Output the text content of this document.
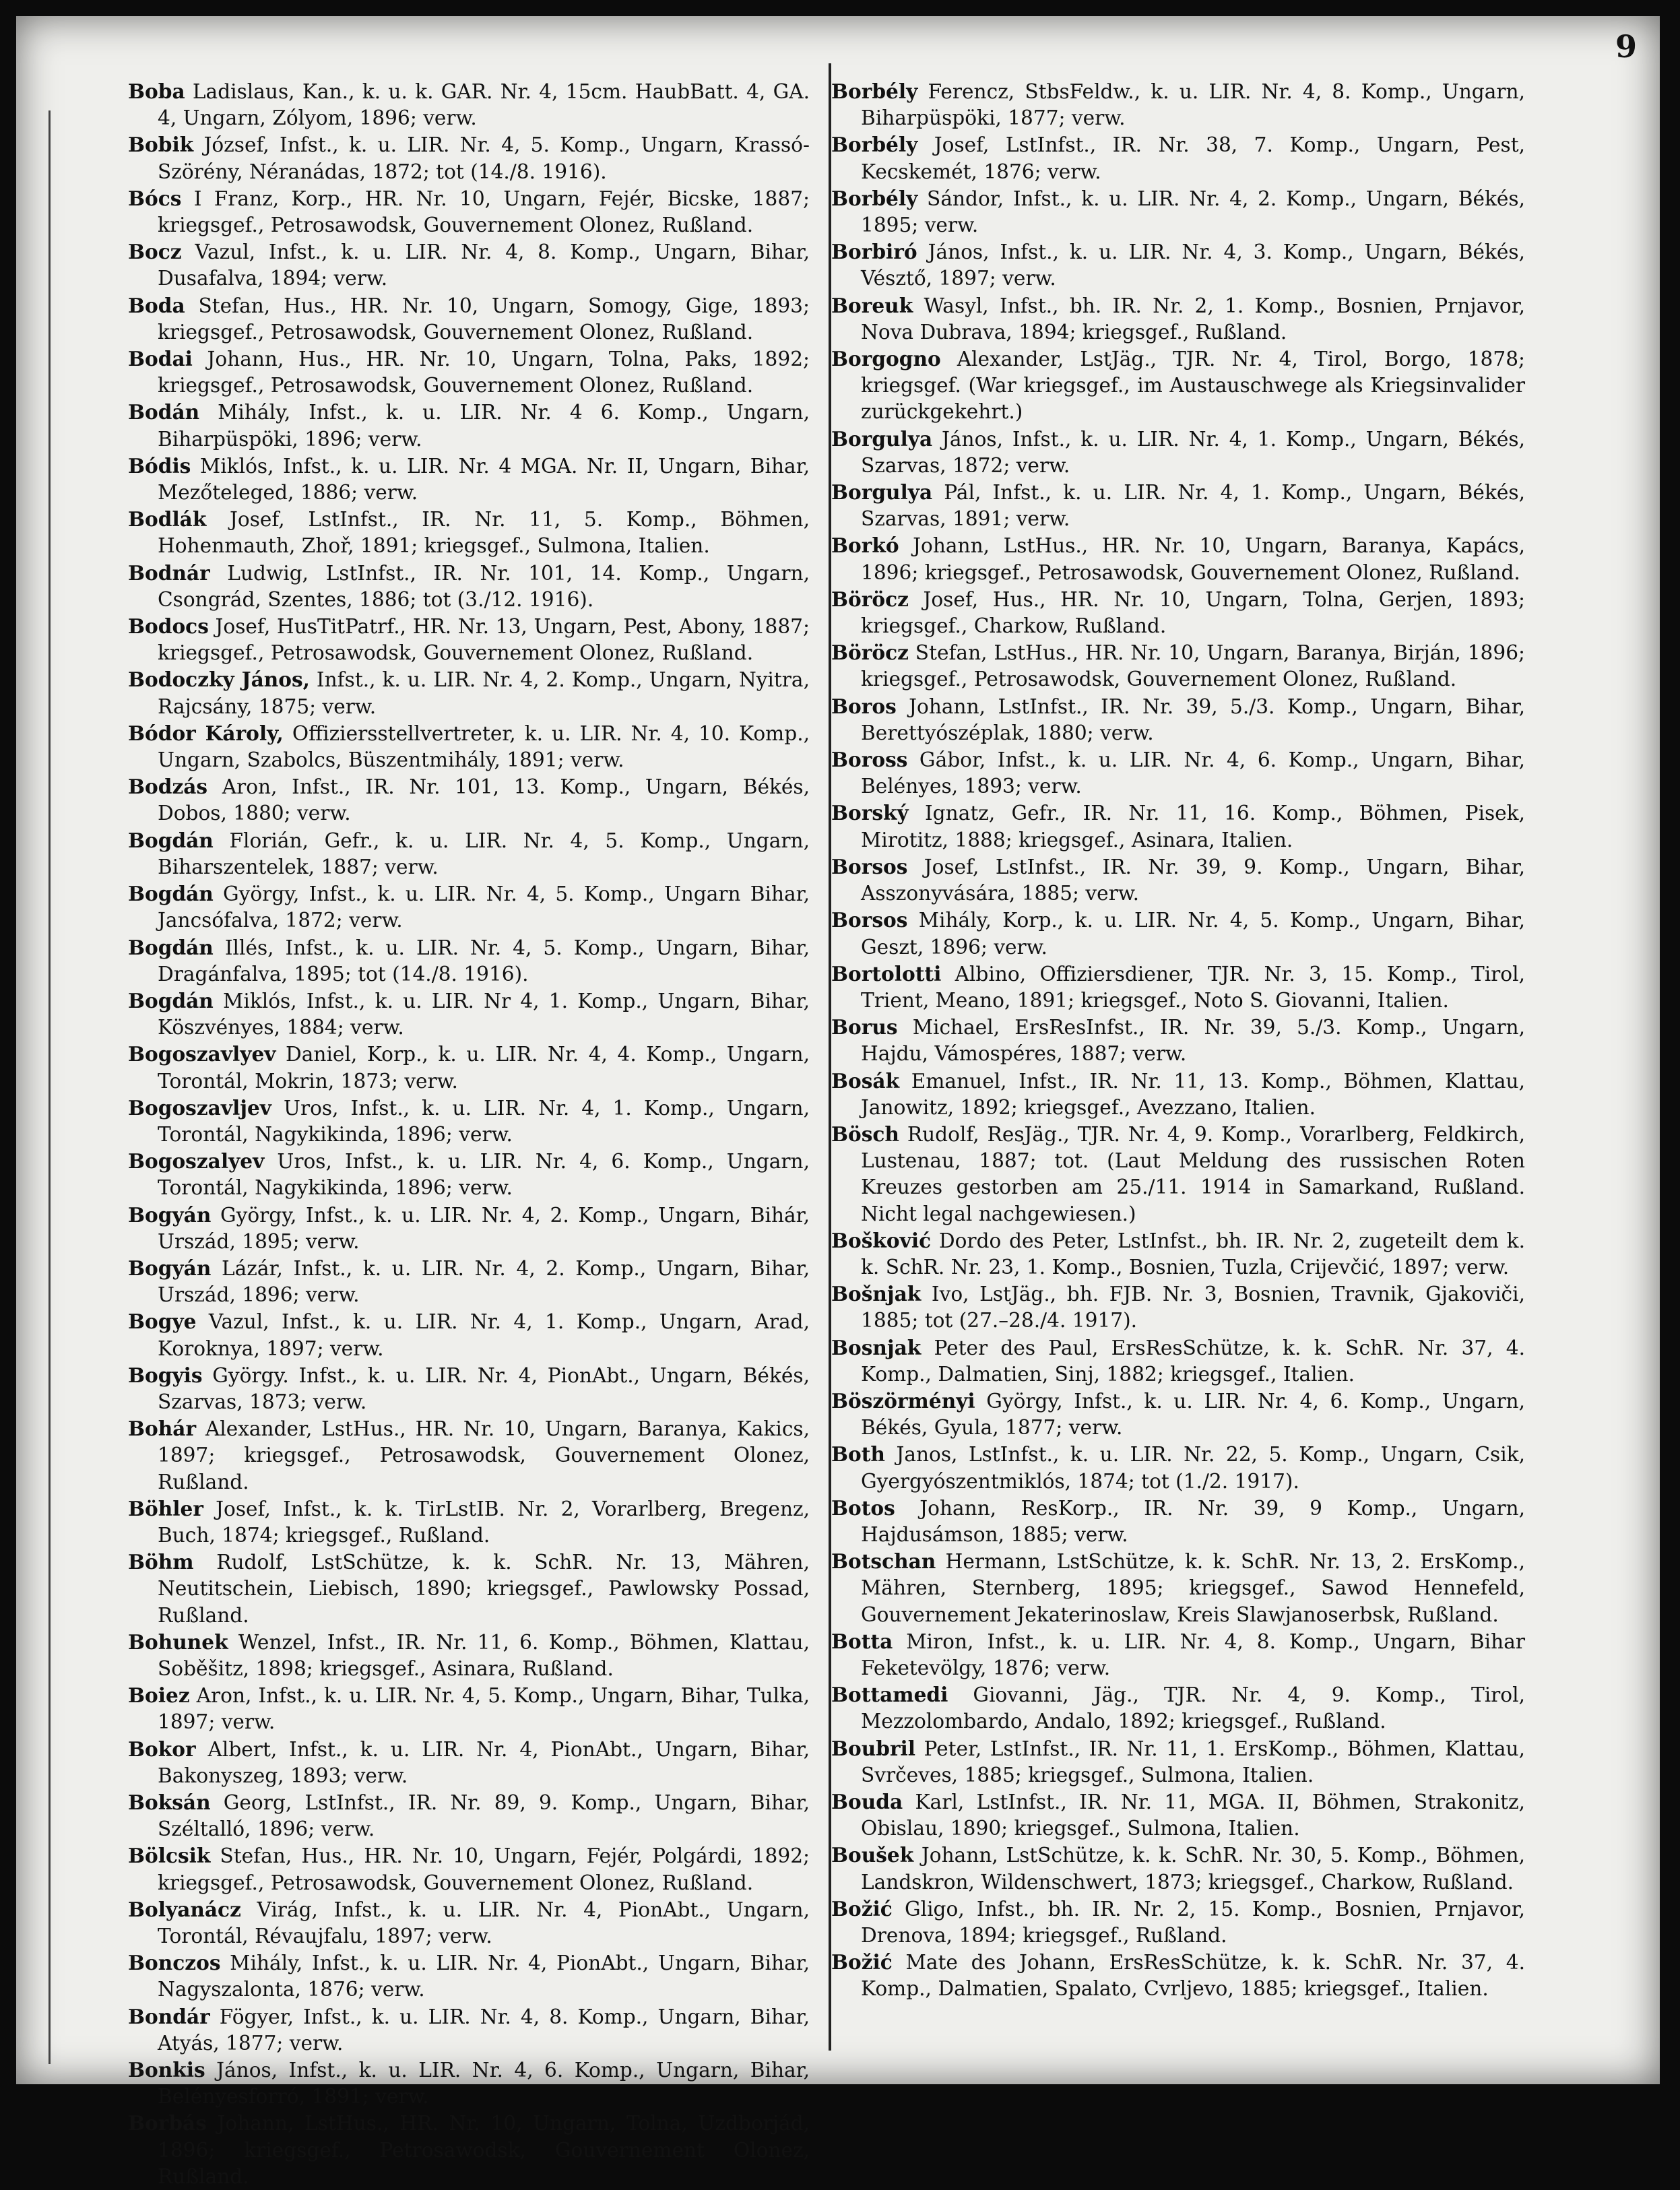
9
Boba Ladislaus, Kan., k. u. k. GAR. Nr. 4, 15cm. HaubBatt. 4, GA. 4, Ungarn, Zólyom, 1896; verw.
Bobik József, Infst., k. u. LIR. Nr. 4, 5. Komp., Ungarn, Krassó-Szörény, Néranádas, 1872; tot (14./8. 1916).
Bócs I Franz, Korp., HR. Nr. 10, Ungarn, Fejér, Bicske, 1887; kriegsgef., Petrosawodsk, Gouvernement Olonez, Rußland.
Bocz Vazul, Infst., k. u. LIR. Nr. 4, 8. Komp., Ungarn, Bihar, Dusafalva, 1894; verw.
Boda Stefan, Hus., HR. Nr. 10, Ungarn, Somogy, Gige, 1893; kriegsgef., Petrosawodsk, Gouvernement Olonez, Rußland.
Bodai Johann, Hus., HR. Nr. 10, Ungarn, Tolna, Paks, 1892; kriegsgef., Petrosawodsk, Gouvernement Olonez, Rußland.
Bodán Mihály, Infst., k. u. LIR. Nr. 4 6. Komp., Ungarn, Biharpüspöki, 1896; verw.
Bódis Miklós, Infst., k. u. LIR. Nr. 4 MGA. Nr. II, Ungarn, Bihar, Mezőteleged, 1886; verw.
Bodlák Josef, LstInfst., IR. Nr. 11, 5. Komp., Böhmen, Hohenmauth, Zhoř, 1891; kriegsgef., Sulmona, Italien.
Bodnár Ludwig, LstInfst., IR. Nr. 101, 14. Komp., Ungarn, Csongrád, Szentes, 1886; tot (3./12. 1916).
Bodocs Josef, HusTitPatrf., HR. Nr. 13, Ungarn, Pest, Abony, 1887; kriegsgef., Petrosawodsk, Gouvernement Olonez, Rußland.
Bodoczky János, Infst., k. u. LIR. Nr. 4, 2. Komp., Ungarn, Nyitra, Rajcsány, 1875; verw.
Bódor Károly, Offiziersstellvertreter, k. u. LIR. Nr. 4, 10. Komp., Ungarn, Szabolcs, Büszentmihály, 1891; verw.
Bodzás Aron, Infst., IR. Nr. 101, 13. Komp., Ungarn, Békés, Dobos, 1880; verw.
Bogdán Florián, Gefr., k. u. LIR. Nr. 4, 5. Komp., Ungarn, Biharszentelek, 1887; verw.
Bogdán György, Infst., k. u. LIR. Nr. 4, 5. Komp., Ungarn Bihar, Jancsófalva, 1872; verw.
Bogdán Illés, Infst., k. u. LIR. Nr. 4, 5. Komp., Ungarn, Bihar, Dragánfalva, 1895; tot (14./8. 1916).
Bogdán Miklós, Infst., k. u. LIR. Nr 4, 1. Komp., Ungarn, Bihar, Köszvényes, 1884; verw.
Bogoszavlyev Daniel, Korp., k. u. LIR. Nr. 4, 4. Komp., Ungarn, Torontál, Mokrin, 1873; verw.
Bogoszavljev Uros, Infst., k. u. LIR. Nr. 4, 1. Komp., Ungarn, Torontál, Nagykikinda, 1896; verw.
Bogoszalyev Uros, Infst., k. u. LIR. Nr. 4, 6. Komp., Ungarn, Torontál, Nagykikinda, 1896; verw.
Bogyán György, Infst., k. u. LIR. Nr. 4, 2. Komp., Ungarn, Bihár, Urszád, 1895; verw.
Bogyán Lázár, Infst., k. u. LIR. Nr. 4, 2. Komp., Ungarn, Bihar, Urszád, 1896; verw.
Bogye Vazul, Infst., k. u. LIR. Nr. 4, 1. Komp., Ungarn, Arad, Koroknya, 1897; verw.
Bogyis György. Infst., k. u. LIR. Nr. 4, PionAbt., Ungarn, Békés, Szarvas, 1873; verw.
Bohár Alexander, LstHus., HR. Nr. 10, Ungarn, Baranya, Kakics, 1897; kriegsgef., Petrosawodsk, Gouvernement Olonez, Rußland.
Böhler Josef, Infst., k. k. TirLstIB. Nr. 2, Vorarlberg, Bregenz, Buch, 1874; kriegsgef., Rußland.
Böhm Rudolf, LstSchütze, k. k. SchR. Nr. 13, Mähren, Neutitschein, Liebisch, 1890; kriegsgef., Pawlowsky Possad, Rußland.
Bohunek Wenzel, Infst., IR. Nr. 11, 6. Komp., Böhmen, Klattau, Soběšitz, 1898; kriegsgef., Asinara, Rußland.
Boiez Aron, Infst., k. u. LIR. Nr. 4, 5. Komp., Ungarn, Bihar, Tulka, 1897; verw.
Bokor Albert, Infst., k. u. LIR. Nr. 4, PionAbt., Ungarn, Bihar, Bakonyszeg, 1893; verw.
Boksán Georg, LstInfst., IR. Nr. 89, 9. Komp., Ungarn, Bihar, Széltalló, 1896; verw.
Bölcsik Stefan, Hus., HR. Nr. 10, Ungarn, Fejér, Polgárdi, 1892; kriegsgef., Petrosawodsk, Gouvernement Olonez, Rußland.
Bolyanácz Virág, Infst., k. u. LIR. Nr. 4, PionAbt., Ungarn, Torontál, Révaujfalu, 1897; verw.
Bonczos Mihály, Infst., k. u. LIR. Nr. 4, PionAbt., Ungarn, Bihar, Nagyszalonta, 1876; verw.
Bondár Fögyer, Infst., k. u. LIR. Nr. 4, 8. Komp., Ungarn, Bihar, Atyás, 1877; verw.
Bonkis János, Infst., k. u. LIR. Nr. 4, 6. Komp., Ungarn, Bihar, Belényesforró, 1891; verw.
Borbás Johann, LstHus., HR. Nr. 10, Ungarn, Tolna, Uzdborjád, 1896; kriegsgef., Petrosawodsk, Gouvernement Olonez, Rußland.
Borbély Ferencz, StbsFeldw., k. u. LIR. Nr. 4, 8. Komp., Ungarn, Biharpüspöki, 1877; verw.
Borbély Josef, LstInfst., IR. Nr. 38, 7. Komp., Ungarn, Pest, Kecskemét, 1876; verw.
Borbély Sándor, Infst., k. u. LIR. Nr. 4, 2. Komp., Ungarn, Békés, 1895; verw.
Borbiró János, Infst., k. u. LIR. Nr. 4, 3. Komp., Ungarn, Békés, Vésztő, 1897; verw.
Boreuk Wasyl, Infst., bh. IR. Nr. 2, 1. Komp., Bosnien, Prnjavor, Nova Dubrava, 1894; kriegsgef., Rußland.
Borgogno Alexander, LstJäg., TJR. Nr. 4, Tirol, Borgo, 1878; kriegsgef. (War kriegsgef., im Austauschwege als Kriegsinvalider zurückgekehrt.)
Borgulya János, Infst., k. u. LIR. Nr. 4, 1. Komp., Ungarn, Békés, Szarvas, 1872; verw.
Borgulya Pál, Infst., k. u. LIR. Nr. 4, 1. Komp., Ungarn, Békés, Szarvas, 1891; verw.
Borkó Johann, LstHus., HR. Nr. 10, Ungarn, Baranya, Kapács, 1896; kriegsgef., Petrosawodsk, Gouvernement Olonez, Rußland.
Böröcz Josef, Hus., HR. Nr. 10, Ungarn, Tolna, Gerjen, 1893; kriegsgef., Charkow, Rußland.
Böröcz Stefan, LstHus., HR. Nr. 10, Ungarn, Baranya, Birján, 1896; kriegsgef., Petrosawodsk, Gouvernement Olonez, Rußland.
Boros Johann, LstInfst., IR. Nr. 39, 5./3. Komp., Ungarn, Bihar, Berettyószéplak, 1880; verw.
Boross Gábor, Infst., k. u. LIR. Nr. 4, 6. Komp., Ungarn, Bihar, Belényes, 1893; verw.
Borský Ignatz, Gefr., IR. Nr. 11, 16. Komp., Böhmen, Pisek, Mirotitz, 1888; kriegsgef., Asinara, Italien.
Borsos Josef, LstInfst., IR. Nr. 39, 9. Komp., Ungarn, Bihar, Asszonyvására, 1885; verw.
Borsos Mihály, Korp., k. u. LIR. Nr. 4, 5. Komp., Ungarn, Bihar, Geszt, 1896; verw.
Bortolotti Albino, Offiziersdiener, TJR. Nr. 3, 15. Komp., Tirol, Trient, Meano, 1891; kriegsgef., Noto S. Giovanni, Italien.
Borus Michael, ErsResInfst., IR. Nr. 39, 5./3. Komp., Ungarn, Hajdu, Vámospéres, 1887; verw.
Bosák Emanuel, Infst., IR. Nr. 11, 13. Komp., Böhmen, Klattau, Janowitz, 1892; kriegsgef., Avezzano, Italien.
Bösch Rudolf, ResJäg., TJR. Nr. 4, 9. Komp., Vorarlberg, Feldkirch, Lustenau, 1887; tot. (Laut Meldung des russischen Roten Kreuzes gestorben am 25./11. 1914 in Samarkand, Rußland. Nicht legal nachgewiesen.)
Bošković Dordo des Peter, LstInfst., bh. IR. Nr. 2, zugeteilt dem k. k. SchR. Nr. 23, 1. Komp., Bosnien, Tuzla, Crijevčić, 1897; verw.
Bošnjak Ivo, LstJäg., bh. FJB. Nr. 3, Bosnien, Travnik, Gjakoviči, 1885; tot (27.–28./4. 1917).
Bosnjak Peter des Paul, ErsResSchütze, k. k. SchR. Nr. 37, 4. Komp., Dalmatien, Sinj, 1882; kriegsgef., Italien.
Böszörményi György, Infst., k. u. LIR. Nr. 4, 6. Komp., Ungarn, Békés, Gyula, 1877; verw.
Both Janos, LstInfst., k. u. LIR. Nr. 22, 5. Komp., Ungarn, Csik, Gyergyószentmiklós, 1874; tot (1./2. 1917).
Botos Johann, ResKorp., IR. Nr. 39, 9 Komp., Ungarn, Hajdusámson, 1885; verw.
Botschan Hermann, LstSchütze, k. k. SchR. Nr. 13, 2. ErsKomp., Mähren, Sternberg, 1895; kriegsgef., Sawod Hennefeld, Gouvernement Jekaterinoslaw, Kreis Slawjanoserbsk, Rußland.
Botta Miron, Infst., k. u. LIR. Nr. 4, 8. Komp., Ungarn, Bihar Feketevölgy, 1876; verw.
Bottamedi Giovanni, Jäg., TJR. Nr. 4, 9. Komp., Tirol, Mezzolombardo, Andalo, 1892; kriegsgef., Rußland.
Boubril Peter, LstInfst., IR. Nr. 11, 1. ErsKomp., Böhmen, Klattau, Svrčeves, 1885; kriegsgef., Sulmona, Italien.
Bouda Karl, LstInfst., IR. Nr. 11, MGA. II, Böhmen, Strakonitz, Obislau, 1890; kriegsgef., Sulmona, Italien.
Boušek Johann, LstSchütze, k. k. SchR. Nr. 30, 5. Komp., Böhmen, Landskron, Wildenschwert, 1873; kriegsgef., Charkow, Rußland.
Božić Gligo, Infst., bh. IR. Nr. 2, 15. Komp., Bosnien, Prnjavor, Drenova, 1894; kriegsgef., Rußland.
Božić Mate des Johann, ErsResSchütze, k. k. SchR. Nr. 37, 4. Komp., Dalmatien, Spalato, Cvrljevo, 1885; kriegsgef., Italien.
